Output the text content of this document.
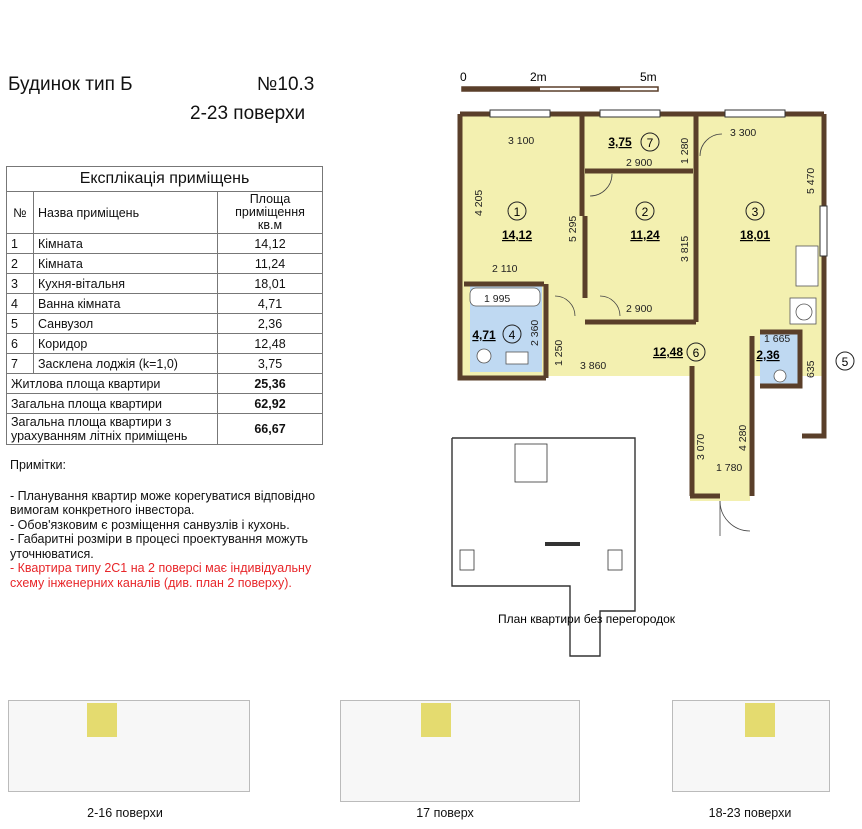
Будинок тип Б	№10.3
2-23 поверхи
Експлікація приміщень		
№	Назва приміщень	Площа приміщення кв.м
1	Кімната	14,12
2	Кімната	11,24
3	Кухня-вітальня	18,01
4	Ванна кімната	4,71
5	Санвузол	2,36
6	Коридор	12,48
7	Засклена лоджія (k=1,0)	3,75
Житлова площа квартири		25,36
Загальна площа квартири		62,92
Загальна площа квартири з урахуванням літніх приміщень		66,67
Примітки:
- Планування квартир може корегуватися відповідно вимогам конкретного інвестора.
- Обов'язковим є розміщення санвузлів і кухонь.
- Габаритні розміри в процесі проектування можуть уточнюватися.
- Квартира типу 2С1 на 2 поверсі має індивідуальну схему інженерних каналів (див. план 2 поверху).
0	2m	5m
1
14,12
2
11,24
3
18,01
4,71 4
2,36	5
12,48 6
3,75 7
3 100
2 900
3 300
2 110
1 995
2 900
3 860
1 665
1 780
1 280
5 470
4 205
5 295
3 815
2 360
1 250
635
3 070	4 280
План квартири без перегородок
2-16 поверхи	17 поверх	18-23 поверхи
